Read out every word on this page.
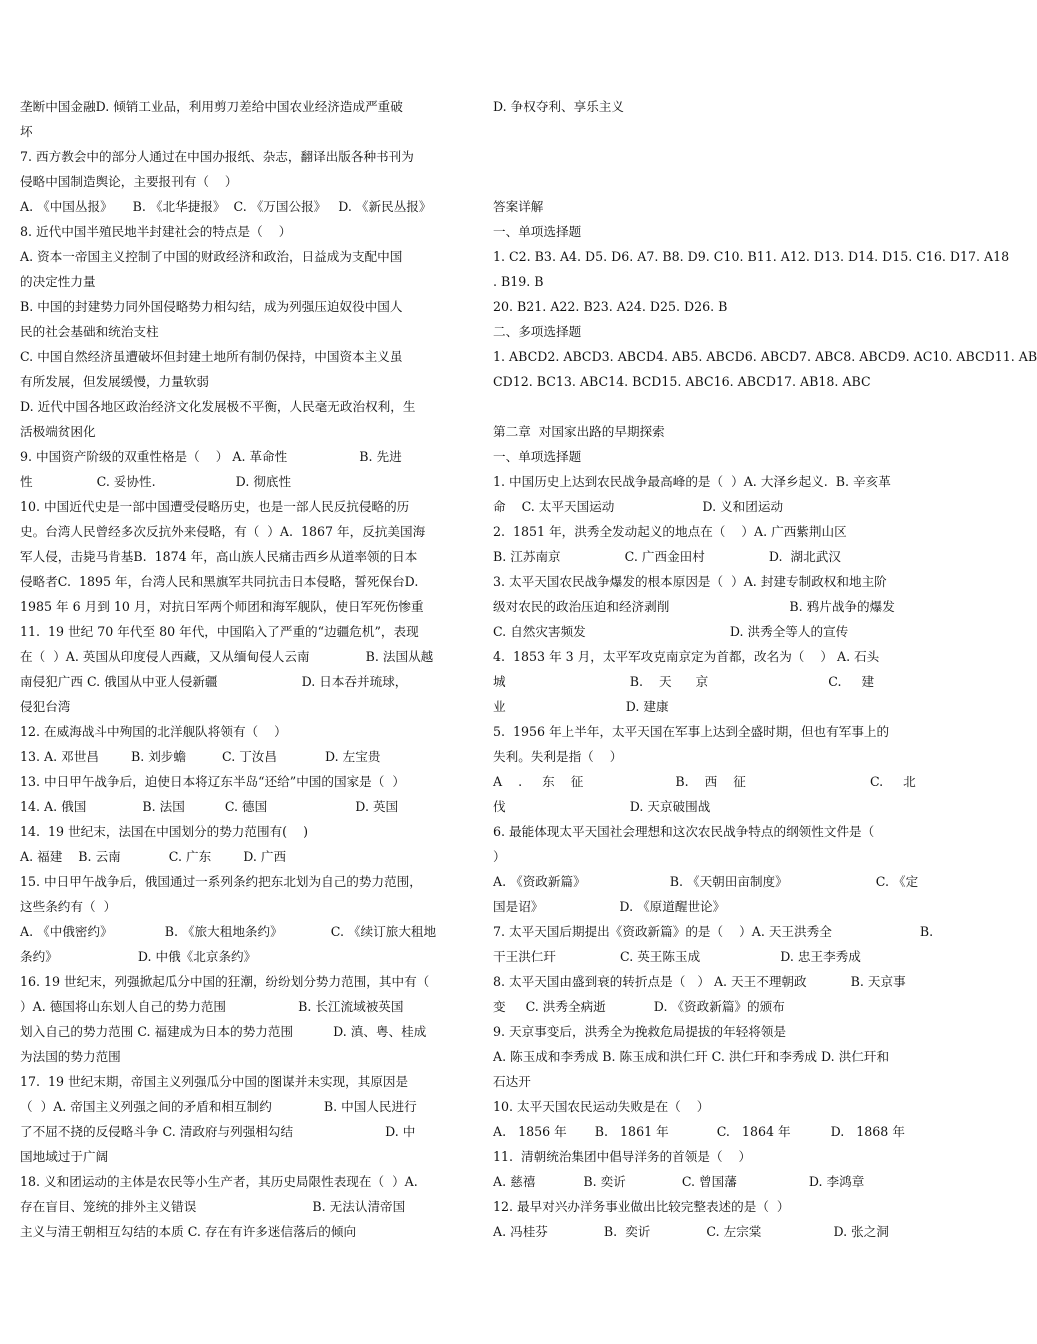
垄断中国金融D. 倾销工业品，利用剪刀差给中国农业经济造成严重破
坏
7. 西方教会中的部分人通过在中国办报纸、杂志，翻译出版各种书刊为
侵略中国制造舆论，主要报刊有（    ）
A. 《中国丛报》     B. 《北华捷报》  C. 《万国公报》   D. 《新民丛报》
8. 近代中国半殖民地半封建社会的特点是（    ）
A. 资本一帝国主义控制了中国的财政经济和政治，日益成为支配中国
的决定性力量
B. 中国的封建势力同外国侵略势力相勾结，成为列强压迫奴役中国人
民的社会基础和统治支柱
C. 中国自然经济虽遭破坏但封建土地所有制仍保持，中国资本主义虽
有所发展，但发展缓慢，力量软弱
D. 近代中国各地区政治经济文化发展极不平衡，人民毫无政治权利，生
活极端贫困化
9. 中国资产阶级的双重性格是（    ） A. 革命性                  B. 先进
性                C. 妥协性.                    D. 彻底性
10. 中国近代史是一部中国遭受侵略历史，也是一部人民反抗侵略的历
史。台湾人民曾经多次反抗外来侵略，有（  ）A.  1867 年，反抗美国海
军人侵，击毙马肯基B.  1874 年，高山族人民痛击西乡从道率领的日本
侵略者C.  1895 年，台湾人民和黑旗军共同抗击日本侵略，誓死保台D.
1985 年 6 月到 10 月，对抗日军两个师团和海军舰队，使日军死伤惨重
11.  19 世纪 70 年代至 80 年代，中国陷入了严重的“边疆危机”，表现
在（  ）A. 英国从印度侵人西藏，又从缅甸侵人云南              B. 法国从越
南侵犯广西 C. 俄国从中亚人侵新疆                     D. 日本吞并琉球，
侵犯台湾
12. 在威海战斗中殉国的北洋舰队将领有（    ）
13. A. 邓世昌        B. 刘步蟾         C. 丁汝昌            D. 左宝贵
13. 中日甲午战争后，迫使日本将辽东半岛“还给”中国的国家是（  ）
14. A. 俄国              B. 法国          C. 德国                      D. 英国
14.  19 世纪末，法国在中国划分的势力范围有(    )
A. 福建    B. 云南            C. 广东        D. 广西
15. 中日甲午战争后，俄国通过一系列条约把东北划为自己的势力范围，
这些条约有（  ）
A. 《中俄密约》             B. 《旅大租地条约》            C. 《续订旅大租地
条约》                    D. 中俄《北京条约》
16. 19 世纪末，列强掀起瓜分中国的狂潮，纷纷划分势力范围，其中有（
）A. 德国将山东划人自己的势力范围                  B. 长江流域被英国
划入自己的势力范围 C. 福建成为日本的势力范围          D. 滇、粤、桂成
为法国的势力范围
17.  19 世纪末期，帝国主义列强瓜分中国的图谋并未实现，其原因是
（  ）A. 帝国主义列强之间的矛盾和相互制约             B. 中国人民进行
了不屈不挠的反侵略斗争 C. 清政府与列强相勾结                       D. 中
国地域过于广阔
18. 义和团运动的主体是农民等小生产者，其历史局限性表现在（  ）A.
存在盲目、笼统的排外主义错误                             B. 无法认清帝国
主义与清王朝相互勾结的本质 C. 存在有许多迷信落后的倾向
D. 争权夺利、享乐主义
答案详解
一、单项选择题
1. C2. B3. A4. D5. D6. A7. B8. D9. C10. B11. A12. D13. D14. D15. C16. D17. A18
. B19. B
20. B21. A22. B23. A24. D25. D26. B
二、多项选择题
1. ABCD2. ABCD3. ABCD4. AB5. ABCD6. ABCD7. ABC8. ABCD9. AC10. ABCD11. AB
CD12. BC13. ABC14. BCD15. ABC16. ABCD17. AB18. ABC
第二章  对国家出路的早期探索
一、单项选择题
1. 中国历史上达到农民战争最高峰的是（  ）A. 大泽乡起义.  B. 辛亥革
命    C. 太平天国运动                      D. 义和团运动
2.  1851 年，洪秀全发动起义的地点在（    ）A. 广西紫荆山区
B. 江苏南京                C. 广西金田村                D.  湖北武汉
3. 太平天国农民战争爆发的根本原因是（  ）A. 封建专制政权和地主阶
级对农民的政治压迫和经济剥削                              B. 鸦片战争的爆发
C. 自然灾害频发                                    D. 洪秀全等人的宣传
4.  1853 年 3 月，太平军攻克南京定为首都，改名为（    ） A. 石头
城                               B.    天      京                              C.     建
业                              D. 建康
5.  1956 年上半年，太平天国在军事上达到全盛时期，但也有军事上的
失利。失利是指（    ）
A    .     东    征                       B.    西    征                               C.     北
伐                               D. 天京破围战
6. 最能体现太平天国社会理想和这次农民战争特点的纲领性文件是（
）
A. 《资政新篇》                     B. 《天朝田亩制度》                      C. 《定
国是诏》                   D. 《原道醒世论》
7. 太平天国后期提出《资政新篇》的是（    ）A. 天王洪秀全                      B.
干王洪仁玕                C. 英王陈玉成                    D. 忠王李秀成
8. 太平天国由盛到衰的转折点是（   ） A. 天王不理朝政           B. 天京事
变     C. 洪秀全病逝            D. 《资政新篇》的颁布
9. 天京事变后，洪秀全为挽救危局提拔的年轻将领是
A. 陈玉成和李秀成 B. 陈玉成和洪仁玕 C. 洪仁玕和李秀成 D. 洪仁玕和
石达开
10. 太平天国农民运动失败是在（    ）
A.   1856 年       B.   1861 年            C.   1864 年          D.   1868 年
11.  清朝统治集团中倡导洋务的首领是（    ）
A. 慈禧            B. 奕䜣              C. 曾国藩                  D. 李鸿章
12. 最早对兴办洋务事业做出比较完整表述的是（  ）
A. 冯桂芬              B.  奕䜣              C. 左宗棠                  D. 张之洞
